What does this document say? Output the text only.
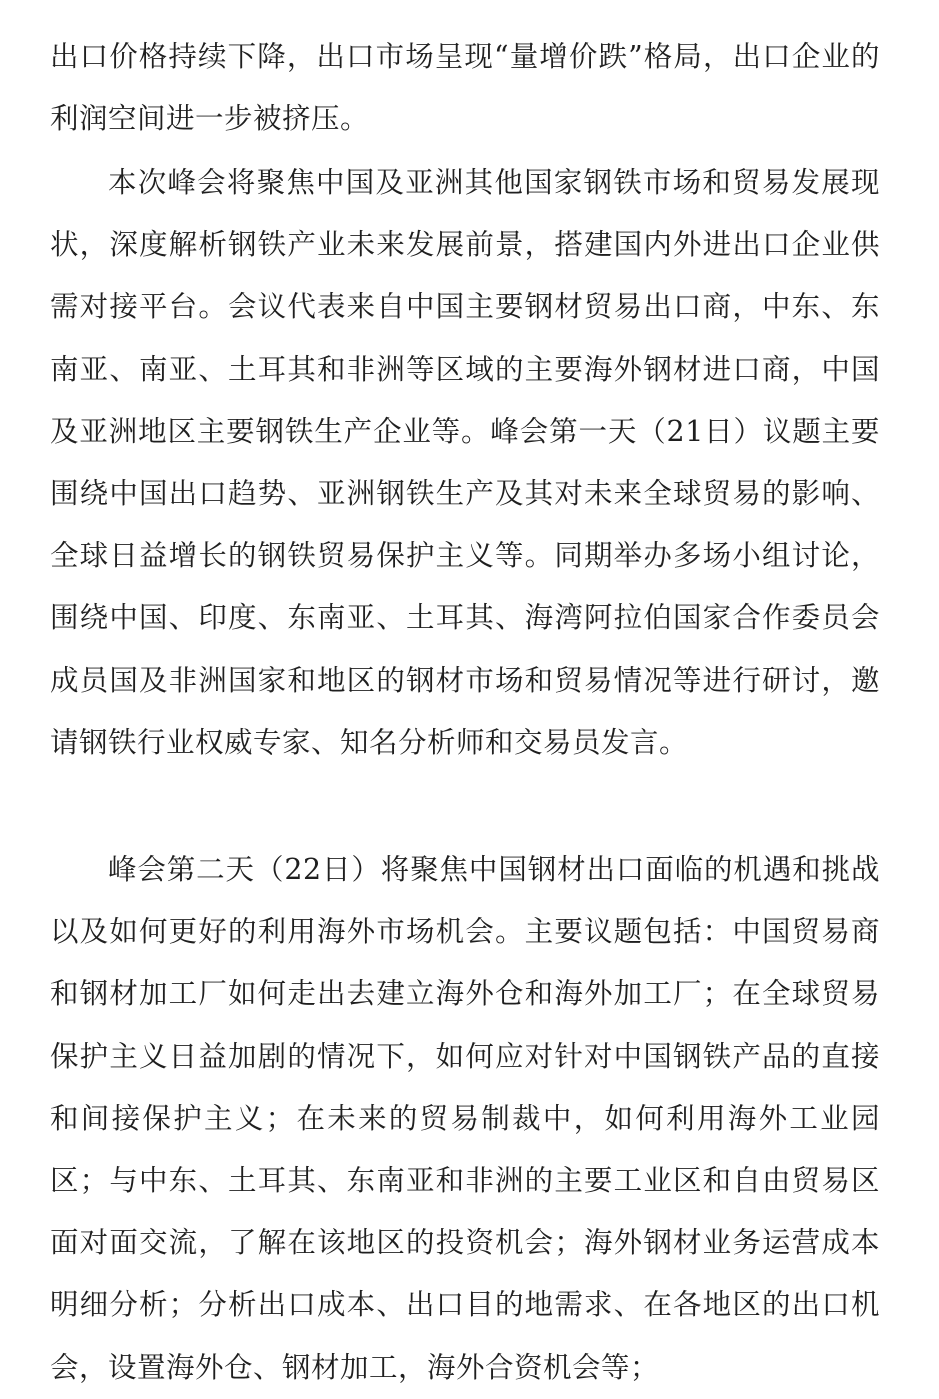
出口价格持续下降，出口市场呈现“量增价跌”格局，出口企业的利润空间进一步被挤压。

本次峰会将聚焦中国及亚洲其他国家钢铁市场和贸易发展现状，深度解析钢铁产业未来发展前景，搭建国内外进出口企业供需对接平台。会议代表来自中国主要钢材贸易出口商，中东、东南亚、南亚、土耳其和非洲等区域的主要海外钢材进口商，中国及亚洲地区主要钢铁生产企业等。峰会第一天（21日）议题主要围绕中国出口趋势、亚洲钢铁生产及其对未来全球贸易的影响、全球日益增长的钢铁贸易保护主义等。同期举办多场小组讨论，围绕中国、印度、东南亚、土耳其、海湾阿拉伯国家合作委员会成员国及非洲国家和地区的钢材市场和贸易情况等进行研讨，邀请钢铁行业权威专家、知名分析师和交易员发言。

峰会第二天（22日）将聚焦中国钢材出口面临的机遇和挑战以及如何更好的利用海外市场机会。主要议题包括：中国贸易商和钢材加工厂如何走出去建立海外仓和海外加工厂；在全球贸易保护主义日益加剧的情况下，如何应对针对中国钢铁产品的直接和间接保护主义；在未来的贸易制裁中，如何利用海外工业园区；与中东、土耳其、东南亚和非洲的主要工业区和自由贸易区面对面交流，了解在该地区的投资机会；海外钢材业务运营成本明细分析；分析出口成本、出口目的地需求、在各地区的出口机会，设置海外仓、钢材加工，海外合资机会等；
